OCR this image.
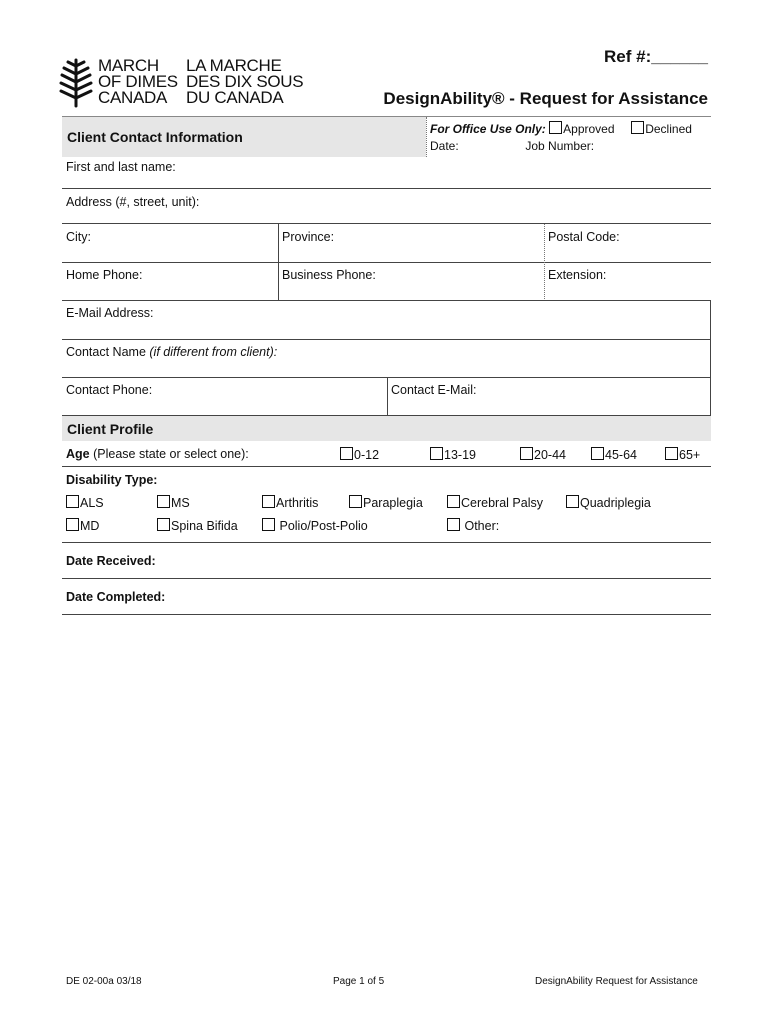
MARCH
OF DIMES
CANADA
LA MARCHE
DES DIX SOUS
DU CANADA
Ref #:______
DesignAbility® - Request for Assistance
Client Contact Information	For Office Use Only: Approved	Declined
Date:	Job Number:
First and last name:
Address (#, street, unit):
City:	Province:	Postal Code:
Home Phone:	Business Phone:	Extension:
E-Mail Address:
Contact Name (if different from client):
Contact Phone:	Contact E-Mail:
Client Profile
Age (Please state or select one):	0-12	13-19	20-44	45-64	65+
Disability Type:
ALS	MS	Arthritis	Paraplegia	Cerebral Palsy	Quadriplegia
MD	Spina Bifida	Polio/Post-Polio	Other:
Date Received:
Date Completed:
DE 02-00a 03/18	Page 1 of 5	DesignAbility Request for Assistance
